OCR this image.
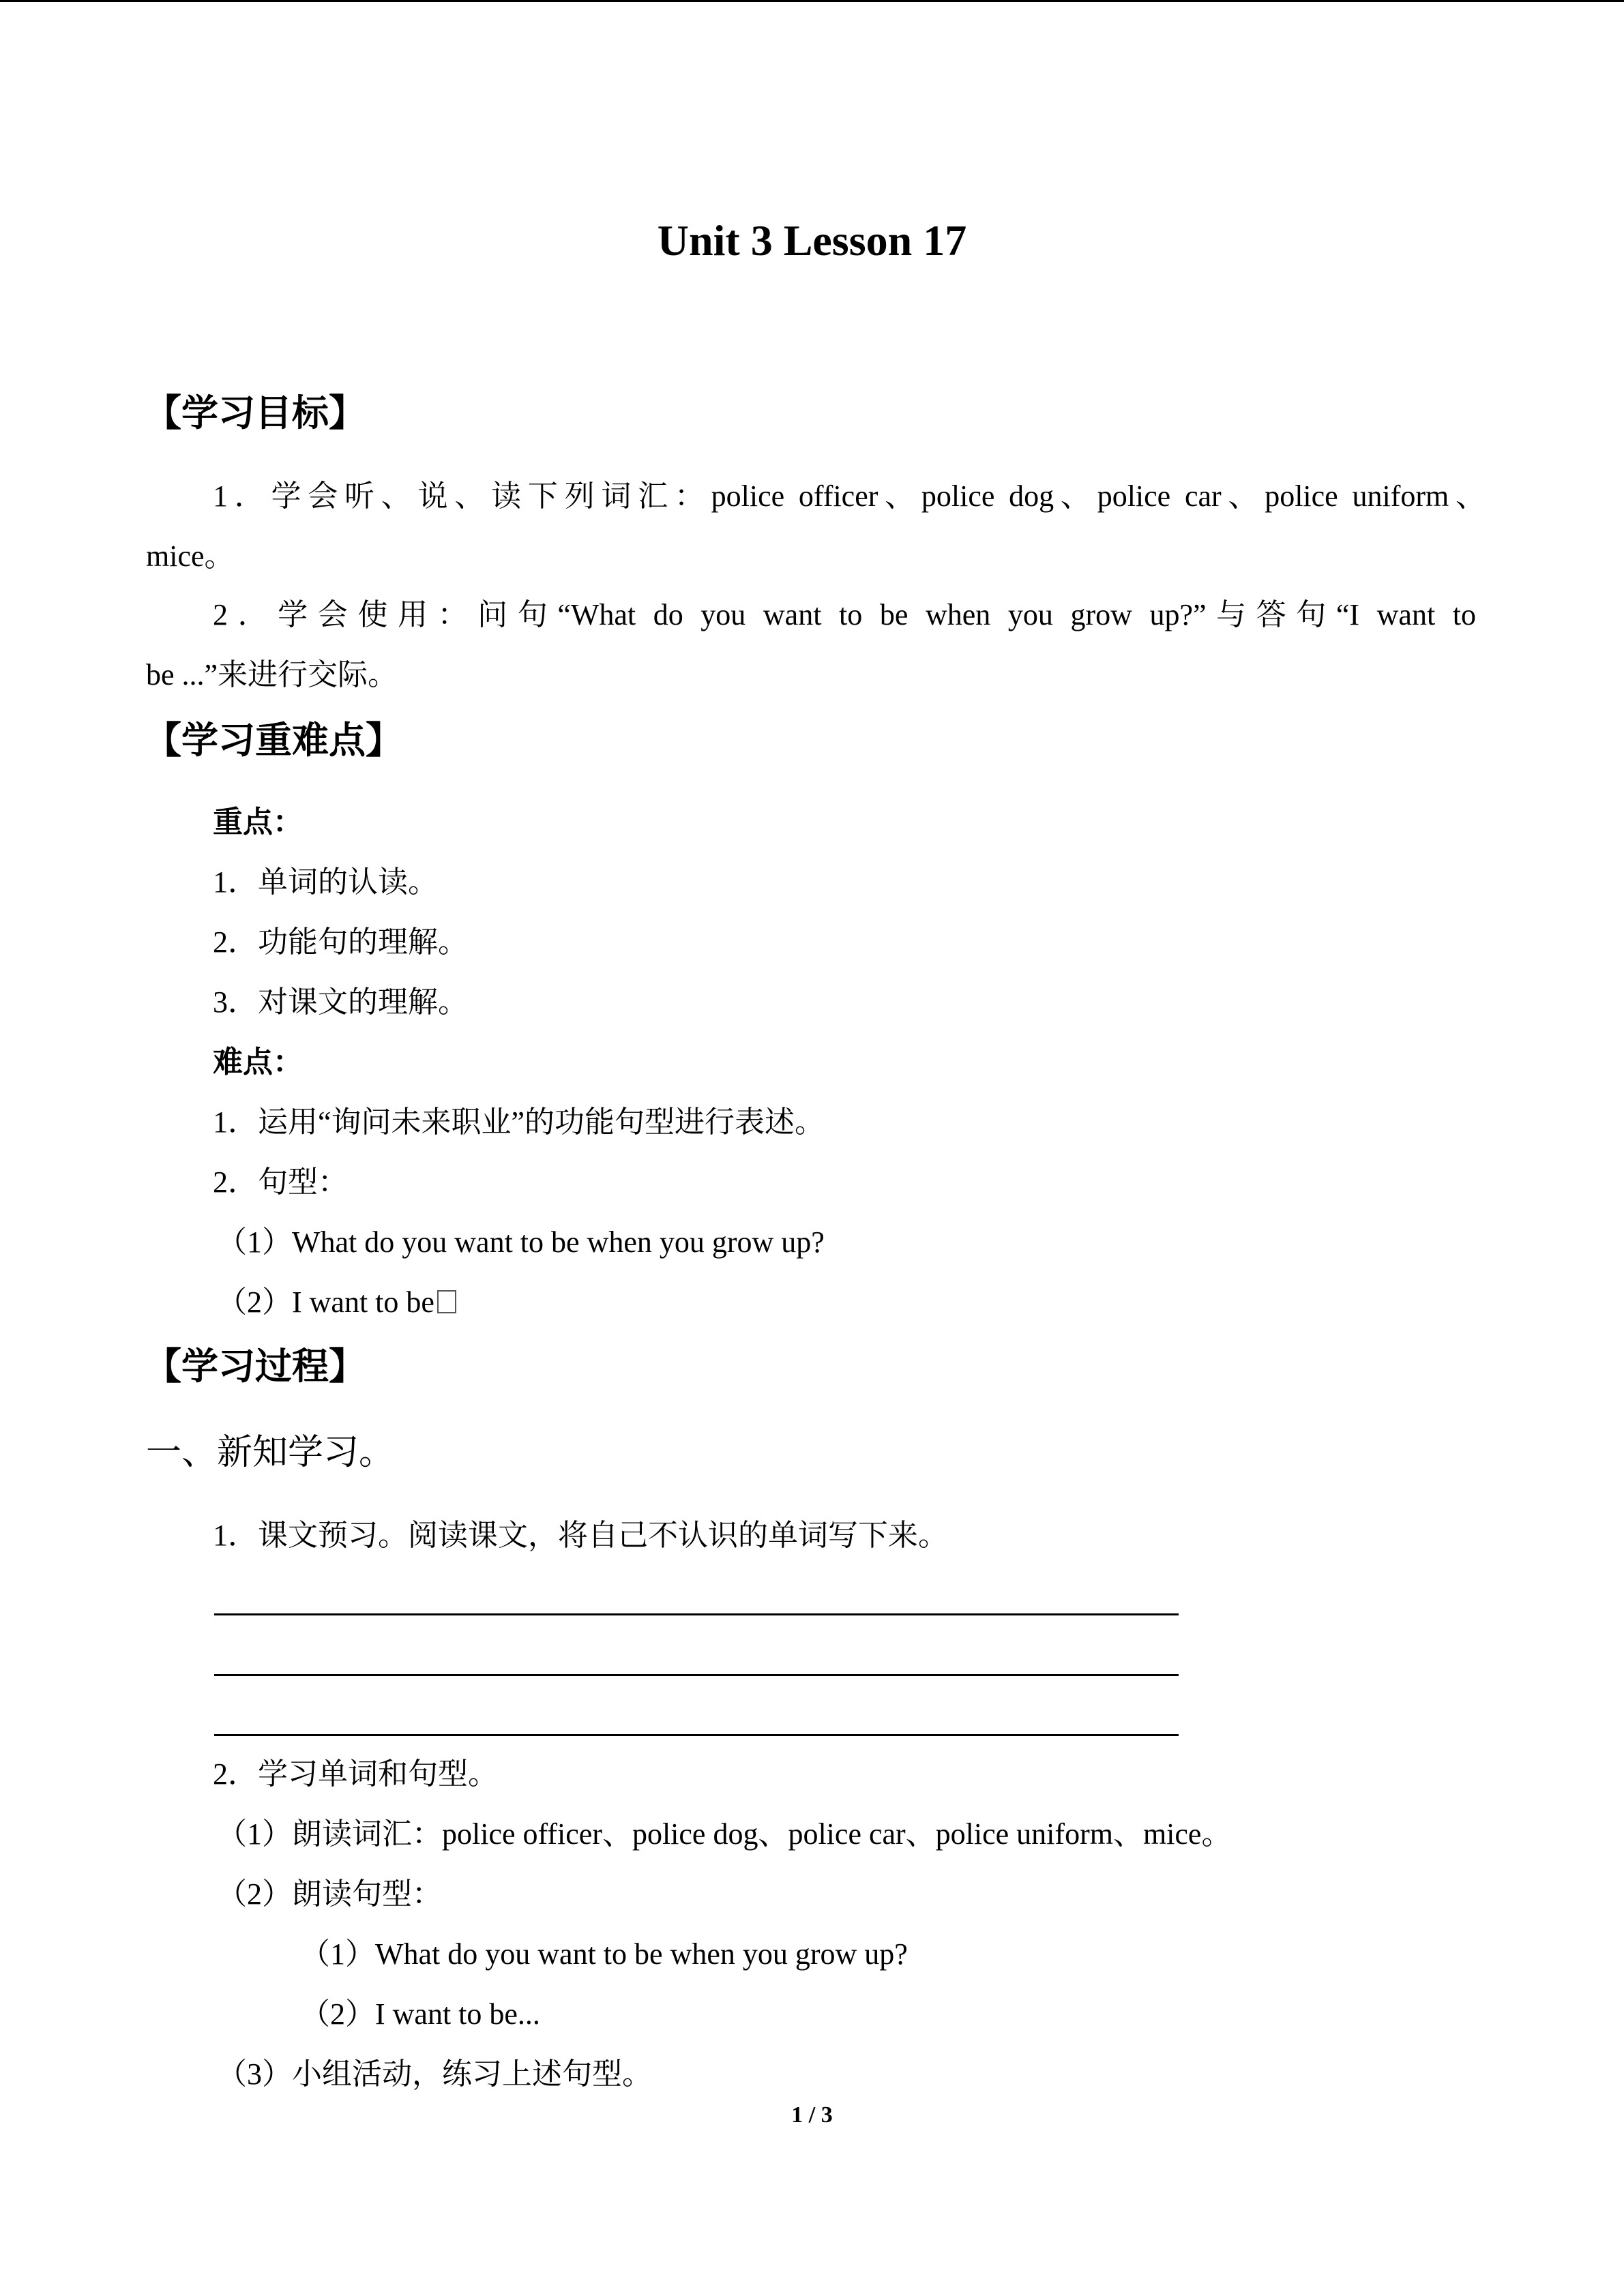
Unit 3 Lesson 17
【学习目标】
1．学会听、说、读下列词汇：police officer、police dog、police car、police uniform、
mice。
2．学会使用：问句“What do you want to be when you grow up?”与答句“I want to
be ...”来进行交际。
【学习重难点】
重点：
1．单词的认读。
2．功能句的理解。
3．对课文的理解。
难点：
1．运用“询问未来职业”的功能句型进行表述。
2．句型：
（1）What do you want to be when you grow up?
（2）I want to be
【学习过程】
一、新知学习。
1．课文预习。阅读课文，将自己不认识的单词写下来。
2．学习单词和句型。
（1）朗读词汇：police officer、police dog、police car、police uniform、mice。
（2）朗读句型：
（1）What do you want to be when you grow up?
（2）I want to be...
（3）小组活动，练习上述句型。
1 / 3
